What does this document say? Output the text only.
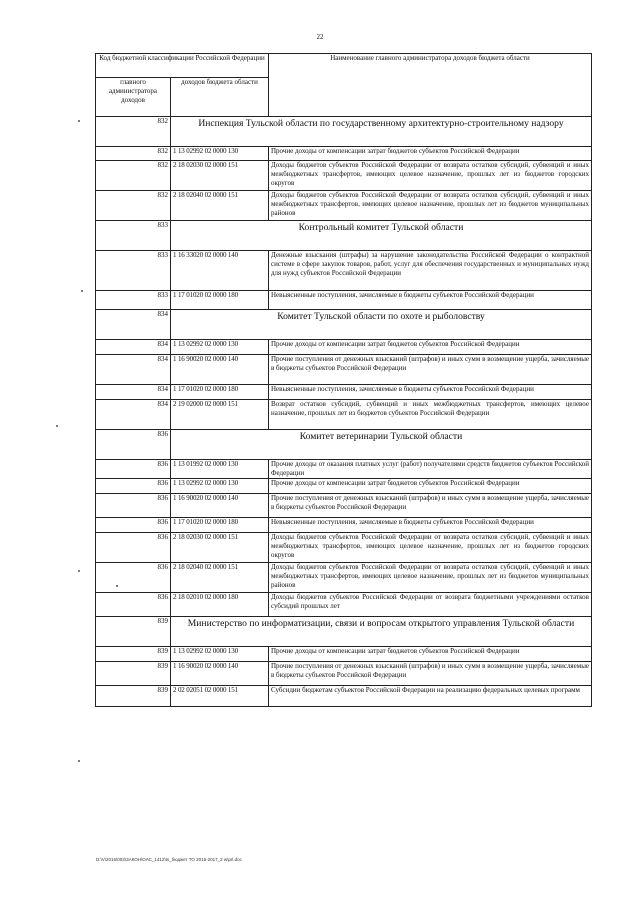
22
Код бюджетной классификации Российской Федерации		Наименование главного администратора доходов бюджета области
главного администратора доходов	доходов бюджета области	
832	Инспекция Тульской области по государственному архитектурно-строительному надзору	
832	1 13 02992 02 0000 130	Прочие доходы от компенсации затрат бюджетов субъектов Российской Федерации
832	2 18 02030 02 0000 151	Доходы бюджетов субъектов Российской Федерации от возврата остатков субсидий, субвенций и иных межбюджетных трансфертов, имеющих целевое назначение, прошлых лет из бюджетов городских округов
832	2 18 02040 02 0000 151	Доходы бюджетов субъектов Российской Федерации от возврата остатков субсидий, субвенций и иных межбюджетных трансфертов, имеющих целевое назначение, прошлых лет из бюджетов муниципальных районов
833	Контрольный комитет Тульской области	
833	1 16 33020 02 0000 140	Денежные взыскания (штрафы) за нарушение законодательства Российской Федерации о контрактной системе в сфере закупок товаров, работ, услуг для обеспечения государственных и муниципальных нужд для нужд субъектов Российской Федерации
833	1 17 01020 02 0000 180	Невыясненные поступления, зачисляемые в бюджеты субъектов Российской Федерации
834	Комитет Тульской области по охоте и рыболовству	
834	1 13 02992 02 0000 130	Прочие доходы от компенсации затрат бюджетов субъектов Российской Федерации
834	1 16 90020 02 0000 140	Прочие поступления от денежных взысканий (штрафов) и иных сумм в возмещение ущерба, зачисляемые в бюджеты субъектов Российской Федерации
834	1 17 01020 02 0000 180	Невыясненные поступления, зачисляемые в бюджеты субъектов Российской Федерации
834	2 19 02000 02 0000 151	Возврат остатков субсидий, субвенций и иных межбюджетных трансфертов, имеющих целевое назначение, прошлых лет из бюджетов субъектов Российской Федерации
836	Комитет ветеринарии Тульской области	
836	1 13 01992 02 0000 130	Прочие доходы от оказания платных услуг (работ) получателями средств бюджетов субъектов Российской Федерации
836	1 13 02992 02 0000 130	Прочие доходы от компенсации затрат бюджетов субъектов Российской Федерации
836	1 16 90020 02 0000 140	Прочие поступления от денежных взысканий (штрафов) и иных сумм в возмещение ущерба, зачисляемые в бюджеты субъектов Российской Федерации
836	1 17 01020 02 0000 180	Невыясненные поступления, зачисляемые в бюджеты субъектов Российской Федерации
836	2 18 02030 02 0000 151	Доходы бюджетов субъектов Российской Федерации от возврата остатков субсидий, субвенций и иных межбюджетных трансфертов, имеющих целевое назначение, прошлых лет из бюджетов городских округов
836	2 18 02040 02 0000 151	Доходы бюджетов субъектов Российской Федерации от возврата остатков субсидий, субвенций и иных межбюджетных трансфертов, имеющих целевое назначение, прошлых лет из бюджетов муниципальных районов
836	2 18 02010 02 0000 180	Доходы бюджетов субъектов Российской Федерации от возврата бюджетными учреждениями остатков субсидий прошлых лет
839	Министерство по информатизации, связи и вопросам открытого управления Тульской области	
839	1 13 02992 02 0000 130	Прочие доходы от компенсации затрат бюджетов субъектов Российской Федерации
839	1 16 90020 02 0000 140	Прочие поступления от денежных взысканий (штрафов) и иных сумм в возмещение ущерба, зачисляемые в бюджеты субъектов Российской Федерации
839	2 02 02051 02 0000 151	Субсидии бюджетам субъектов Российской Федерации на реализацию федеральных целевых программ
D:\V\2016\003\ЗАКОН\ОАС_1412\ts_бюджет ТО 2015-2017_2 w\prl.doc
